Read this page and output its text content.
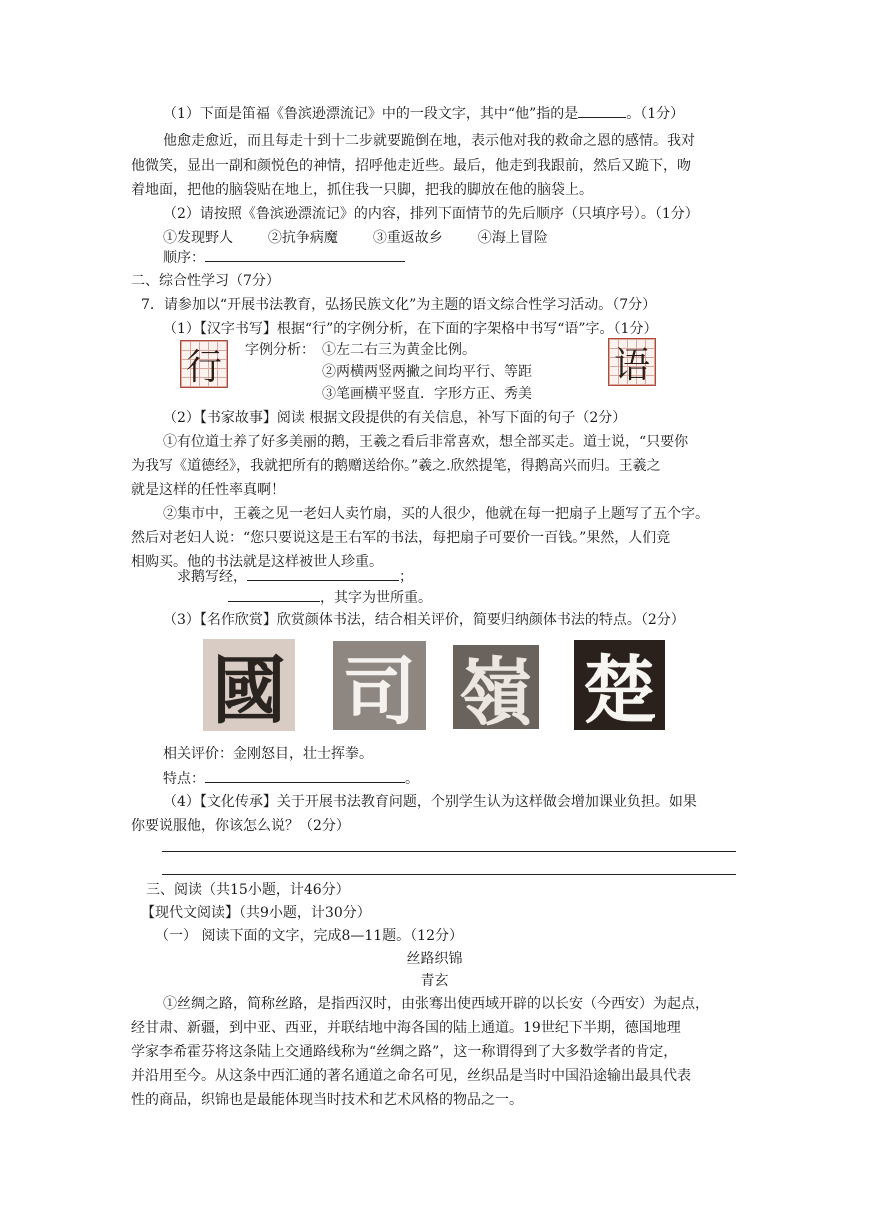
（1）下面是笛福《鲁滨逊漂流记》中的一段文字，其中“他”指的是	。（1分）
他愈走愈近，而且每走十到十二步就要跪倒在地，表示他对我的救命之恩的感情。我对
他微笑，显出一副和颜悦色的神情，招呼他走近些。最后，他走到我跟前，然后又跪下，吻
着地面，把他的脑袋贴在地上，抓住我一只脚，把我的脚放在他的脑袋上。
（2）请按照《鲁滨逊漂流记》的内容，排列下面情节的先后顺序（只填序号）。（1分）
①发现野人 ②抗争病魔 ③重返故乡 ④海上冒险
顺序：
二、综合性学习（7分）
7．请参加以“开展书法教育，弘扬民族文化”为主题的语文综合性学习活动。（7分）
（1）【汉字书写】根据“行”的字例分析，在下面的字架格中书写“语”字。（1分）
行 字例分析： ①左二右三为黄金比例。
②两横两竖两撇之间均平行、等距
③笔画横平竖直．字形方正、秀美
语
（2）【书家故事】阅读 根据文段提供的有关信息，补写下面的句子（2分）
①有位道士养了好多美丽的鹅，王羲之看后非常喜欢，想全部买走。道士说，“只要你
为我写《道德经》，我就把所有的鹅赠送给你。”羲之.欣然提笔，得鹅高兴而归。王羲之
就是这样的任性率真啊！
②集市中，王羲之见一老妇人卖竹扇，买的人很少，他就在每一把扇子上题写了五个字。
然后对老妇人说：“您只要说这是王右军的书法，每把扇子可要价一百钱。”果然，人们竞
相购买。他的书法就是这样被世人珍重。
求鹅写经，	；
，其字为世所重。
（3）【名作欣赏】欣赏颜体书法，结合相关评价，简要归纳颜体书法的特点。（2分）
國 司 嶺 楚
相关评价：金刚怒目，壮士挥拳。
特点：	。
（4）【文化传承】关于开展书法教育问题，个别学生认为这样做会增加课业负担。如果
你要说服他，你该怎么说？（2分）
三、阅读（共15小题，计46分）
【现代文阅读】（共9小题，计30分）
（一） 阅读下面的文字，完成8—11题。（12分）
丝路织锦
青玄
①丝绸之路，简称丝路，是指西汉时，由张骞出使西域开辟的以长安（今西安）为起点，
经甘肃、新疆，到中亚、西亚，并联结地中海各国的陆上通道。19世纪下半期，德国地理
学家李希霍芬将这条陆上交通路线称为“丝绸之路”，这一称谓得到了大多数学者的肯定，
并沿用至今。从这条中西汇通的著名通道之命名可见，丝织品是当时中国沿途输出最具代表
性的商品，织锦也是最能体现当时技术和艺术风格的物品之一。
